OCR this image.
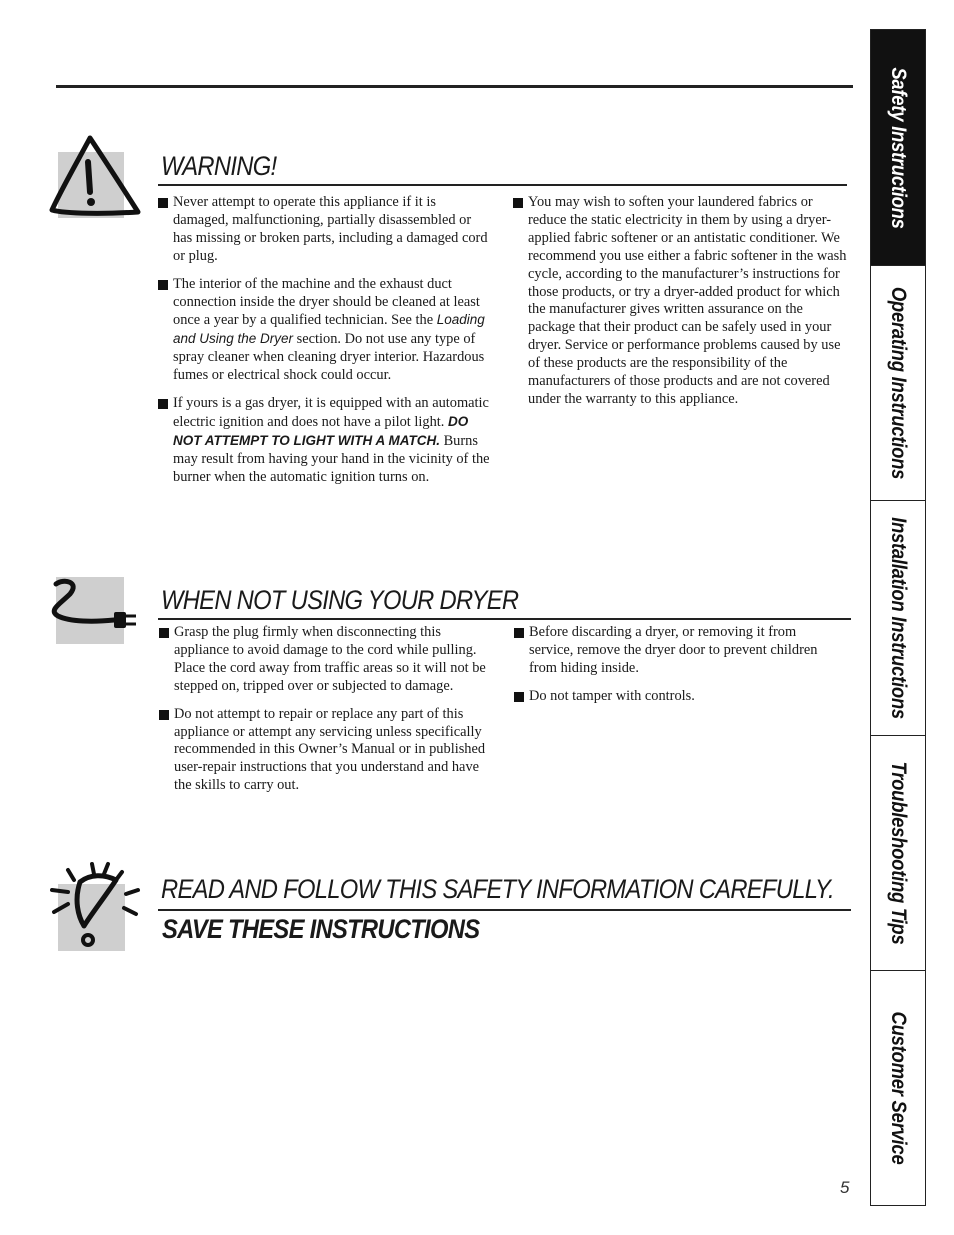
WARNING!
Never attempt to operate this appliance if it is damaged, malfunctioning, partially disassembled or has missing or broken parts, including a damaged cord or plug.
The interior of the machine and the exhaust duct connection inside the dryer should be cleaned at least once a year by a qualified technician. See the Loading and Using the Dryer section. Do not use any type of spray cleaner when cleaning dryer interior. Hazardous fumes or electrical shock could occur.
If yours is a gas dryer, it is equipped with an automatic electric ignition and does not have a pilot light. DO NOT ATTEMPT TO LIGHT WITH A MATCH. Burns may result from having your hand in the vicinity of the burner when the automatic ignition turns on.
You may wish to soften your laundered fabrics or reduce the static electricity in them by using a dryer-applied fabric softener or an antistatic conditioner. We recommend you use either a fabric softener in the wash cycle, according to the manufacturer’s instructions for those products, or try a dryer-added product for which the manufacturer gives written assurance on the package that their product can be safely used in your dryer. Service or performance problems caused by use of these products are the responsibility of the manufacturers of those products and are not covered under the warranty to this appliance.
WHEN NOT USING YOUR DRYER
Grasp the plug firmly when disconnecting this appliance to avoid damage to the cord while pulling. Place the cord away from traffic areas so it will not be stepped on, tripped over or subjected to damage.
Do not attempt to repair or replace any part of this appliance or attempt any servicing unless specifically recommended in this Owner’s Manual or in published user-repair instructions that you understand and have the skills to carry out.
Before discarding a dryer, or removing it from service, remove the dryer door to prevent children from hiding inside.
Do not tamper with controls.
READ AND FOLLOW THIS SAFETY INFORMATION CAREFULLY.
SAVE THESE INSTRUCTIONS
Safety Instructions
Operating Instructions
Installation Instructions
Troubleshooting Tips
Customer Service
5
